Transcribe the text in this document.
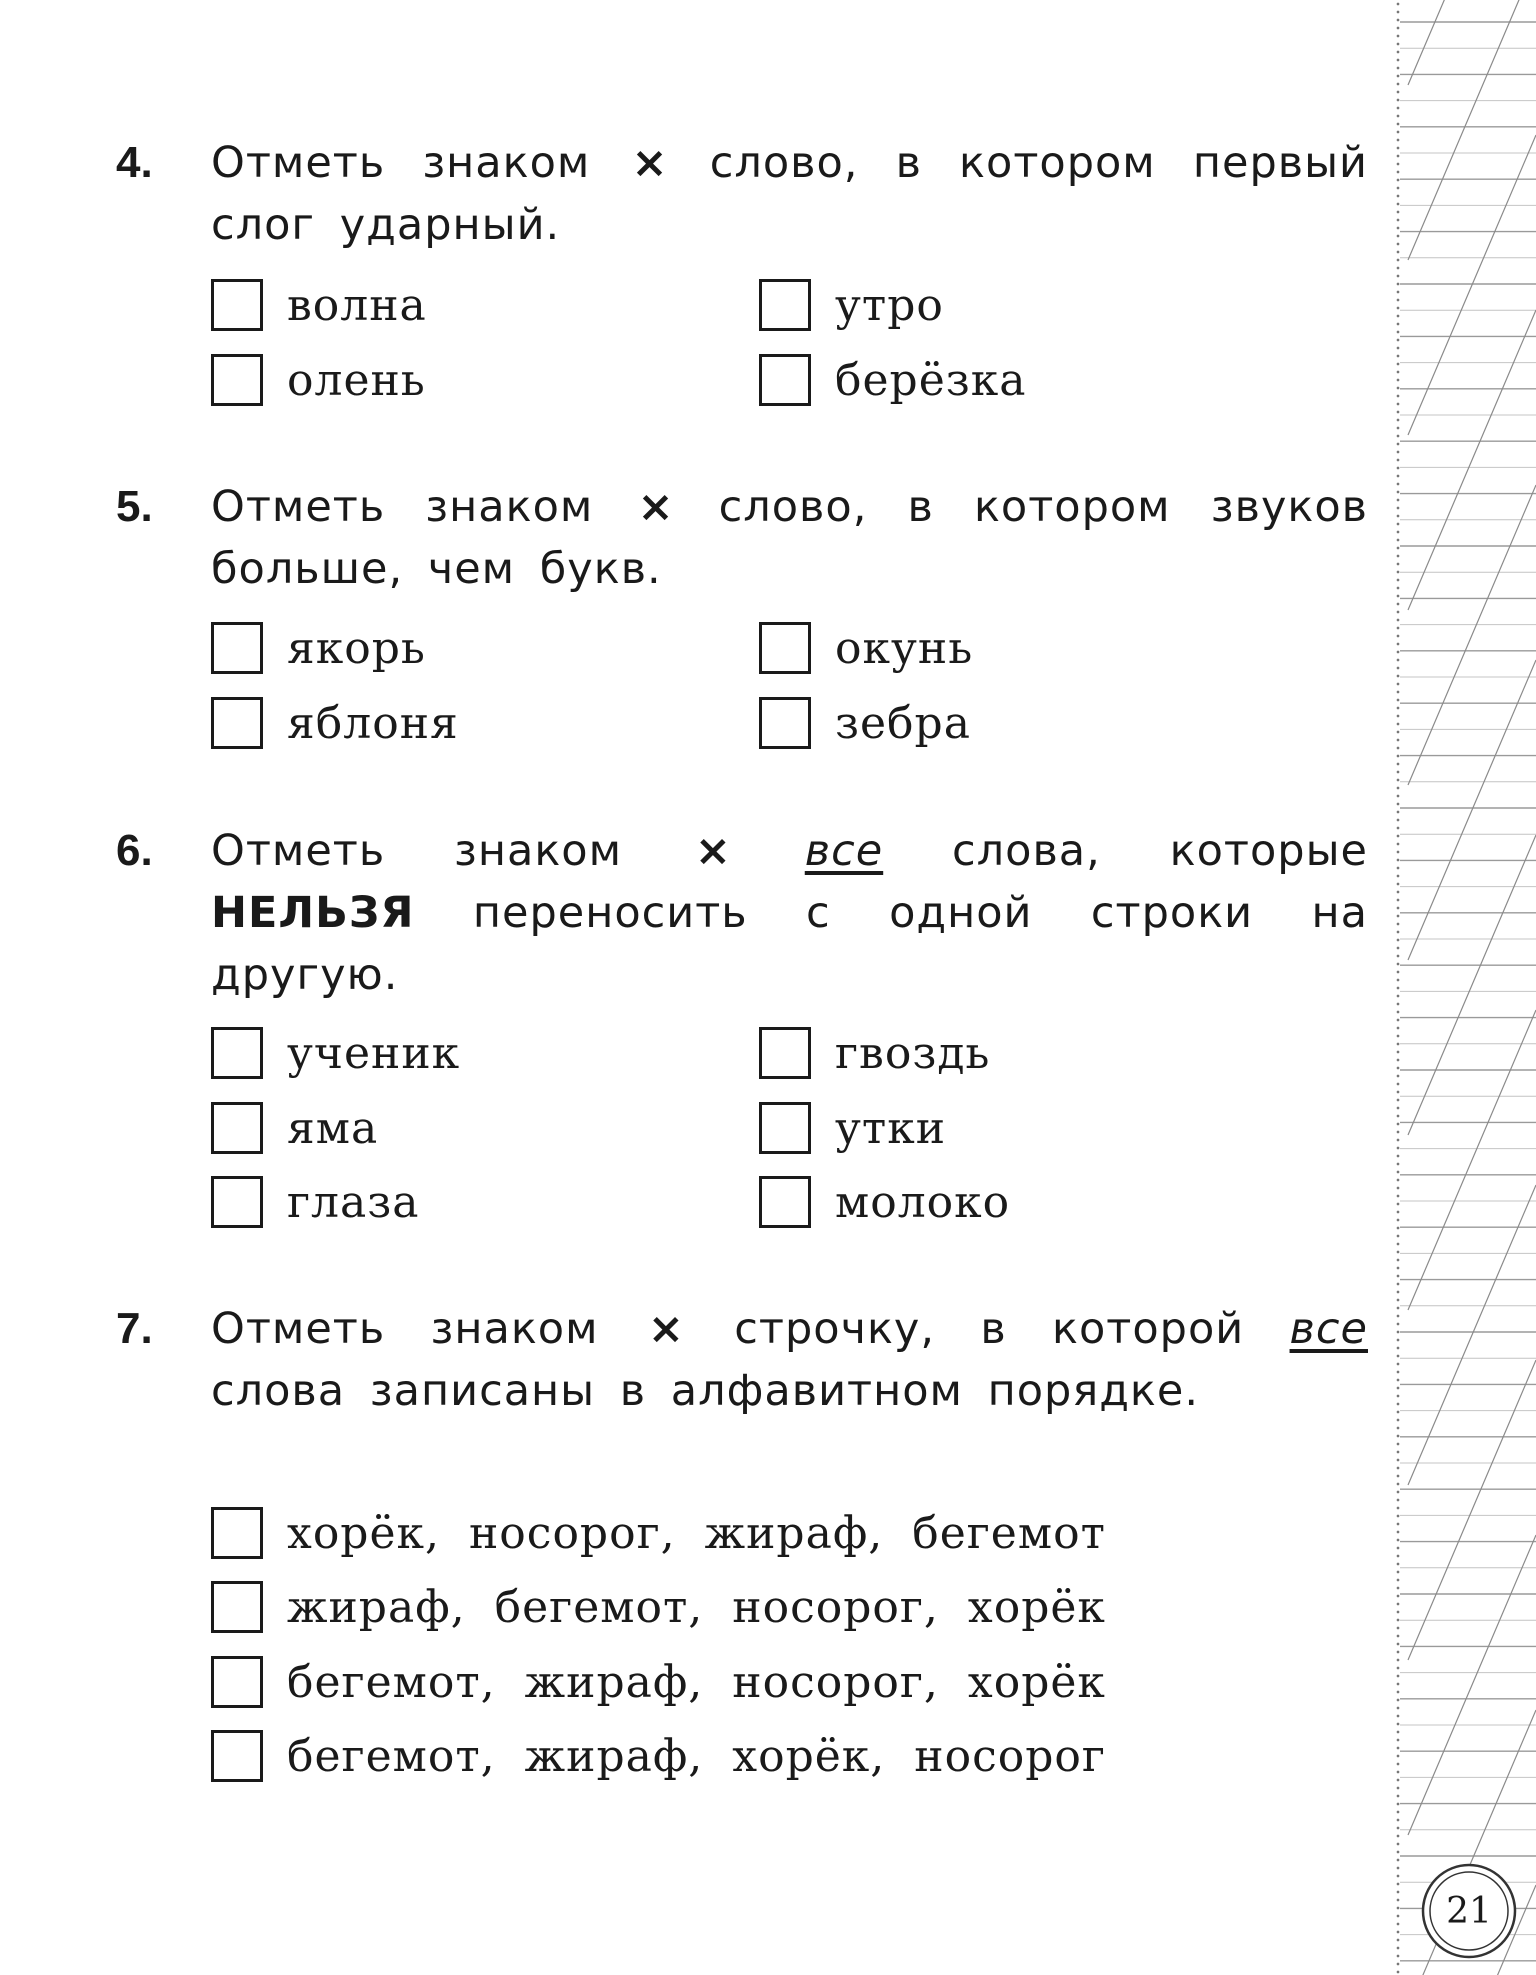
4. Отметь знаком × слово, в котором первый слог ударный.
волна	утро
олень	берёзка
5. Отметь знаком × слово, в котором звуков больше, чем букв.
якорь	окунь
яблоня	зебра
6. Отметь знаком × все слова, которые НЕЛЬЗЯ переносить с одной строки на другую.
ученик	гвоздь
яма	утки
глаза	молоко
7. Отметь знаком × строчку, в которой все слова записаны в алфавитном порядке.
хорёк, носорог, жираф, бегемот
жираф, бегемот, носорог, хорёк
бегемот, жираф, носорог, хорёк
бегемот, жираф, хорёк, носорог
21
